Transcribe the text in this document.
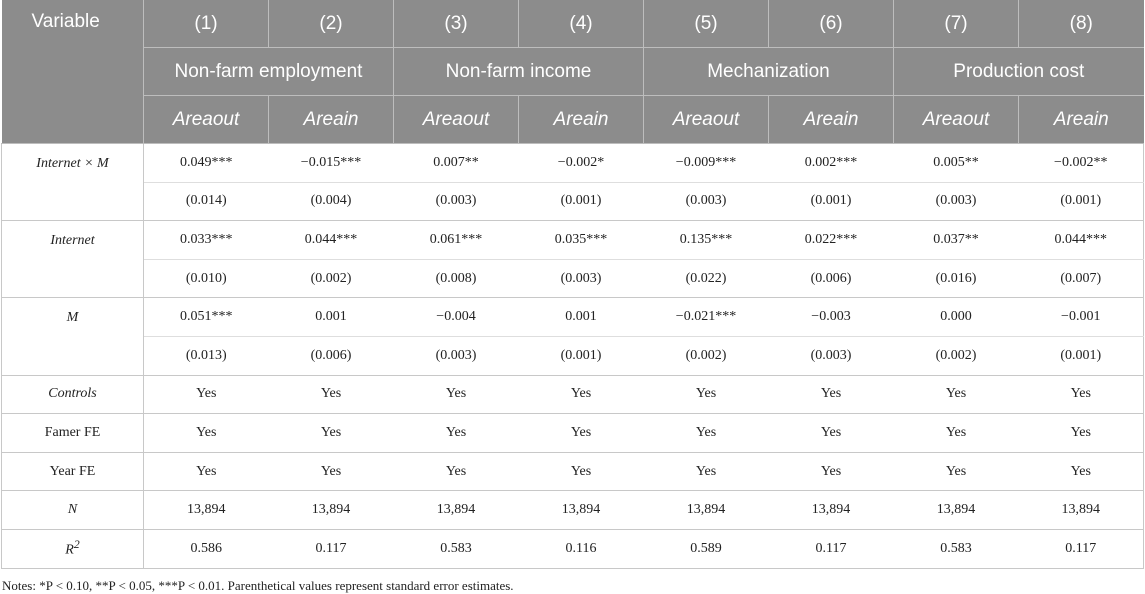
Variable	(1)	(2)	(3)	(4)	(5)	(6)	(7)	(8)
	Non-farm employment		Non-farm income		Mechanization		Production cost	
	Areaout	Areain	Areaout	Areain	Areaout	Areain	Areaout	Areain
Internet × M	0.049***	−0.015***	0.007**	−0.002*	−0.009***	0.002***	0.005**	−0.002**
	(0.014)	(0.004)	(0.003)	(0.001)	(0.003)	(0.001)	(0.003)	(0.001)
Internet	0.033***	0.044***	0.061***	0.035***	0.135***	0.022***	0.037**	0.044***
	(0.010)	(0.002)	(0.008)	(0.003)	(0.022)	(0.006)	(0.016)	(0.007)
M	0.051***	0.001	−0.004	0.001	−0.021***	−0.003	0.000	−0.001
	(0.013)	(0.006)	(0.003)	(0.001)	(0.002)	(0.003)	(0.002)	(0.001)
Controls	Yes	Yes	Yes	Yes	Yes	Yes	Yes	Yes
Famer FE	Yes	Yes	Yes	Yes	Yes	Yes	Yes	Yes
Year FE	Yes	Yes	Yes	Yes	Yes	Yes	Yes	Yes
N	13,894	13,894	13,894	13,894	13,894	13,894	13,894	13,894
$R^2$	0.586	0.117	0.583	0.116	0.589	0.117	0.583	0.117
Notes: *P < 0.10, **P < 0.05, ***P < 0.01. Parenthetical values represent standard error estimates.
